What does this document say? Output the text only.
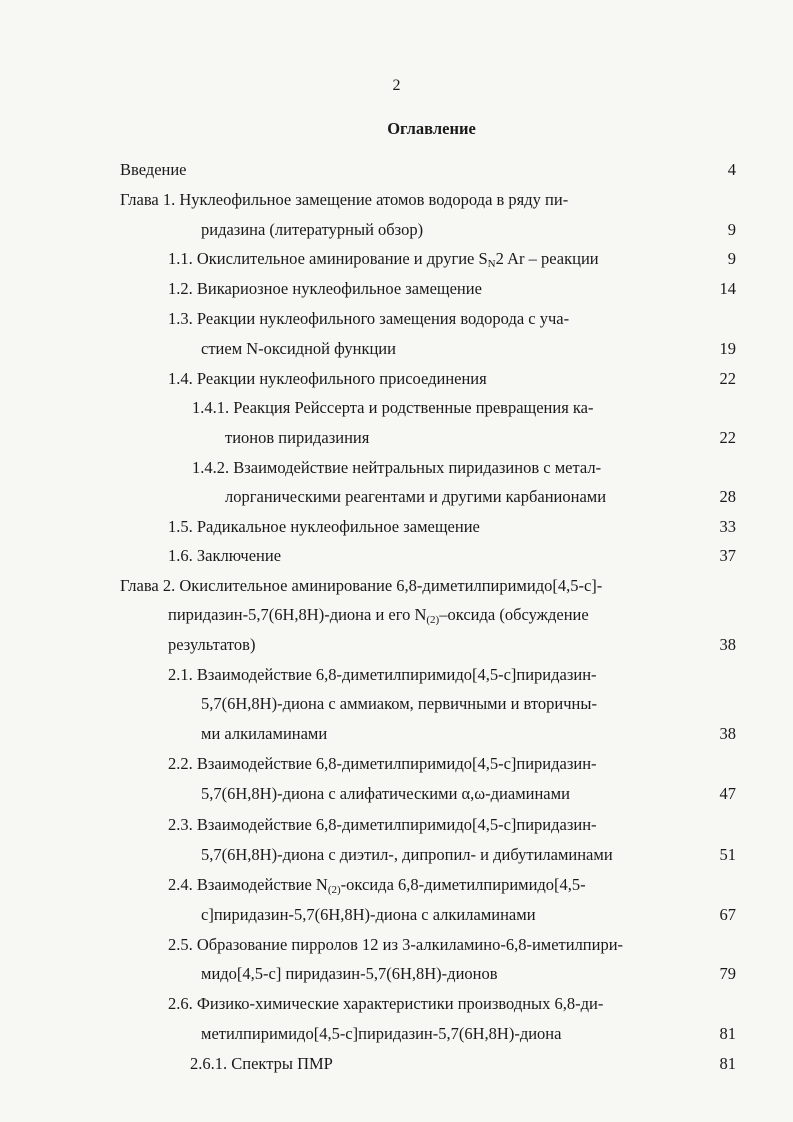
2
Оглавление
Введение	4
Глава 1. Нуклеофильное замещение атомов водорода в ряду пи-
ридазина (литературный обзор)	9
1.1. Окислительное аминирование и другие $S_N2$ Ar – реакции	9
1.2. Викариозное нуклеофильное замещение	14
1.3. Реакции нуклеофильного замещения водорода с уча-
стием N-оксидной функции	19
1.4. Реакции нуклеофильного присоединения	22
1.4.1. Реакция Рейссерта и родственные превращения ка-
тионов пиридазиния	22
1.4.2. Взаимодействие нейтральных пиридазинов с метал-
лорганическими реагентами и другими карбанионами	28
1.5. Радикальное нуклеофильное замещение	33
1.6. Заключение	37
Глава 2. Окислительное аминирование 6,8-диметилпиримидо[4,5-с]-
пиридазин-5,7(6Н,8Н)-диона и его $N_{(2)}$–оксида (обсуждение
результатов)	38
2.1. Взаимодействие 6,8-диметилпиримидо[4,5-с]пиридазин-
5,7(6Н,8Н)-диона с аммиаком, первичными и вторичны-
ми алкиламинами	38
2.2. Взаимодействие 6,8-диметилпиримидо[4,5-с]пиридазин-
5,7(6Н,8Н)-диона с алифатическими α,ω-диаминами	47
2.3. Взаимодействие 6,8-диметилпиримидо[4,5-с]пиридазин-
5,7(6Н,8Н)-диона с диэтил-, дипропил- и дибутиламинами	51
2.4. Взаимодействие $N_{(2)}$-оксида 6,8-диметилпиримидо[4,5-
с]пиридазин-5,7(6Н,8Н)-диона с алкиламинами	67
2.5. Образование пирролов 12 из 3-алкиламино-6,8-иметилпири-
мидо[4,5-с] пиридазин-5,7(6Н,8Н)-дионов	79
2.6. Физико-химические характеристики производных 6,8-ди-
метилпиримидо[4,5-с]пиридазин-5,7(6Н,8Н)-диона	81
2.6.1. Спектры ПМР	81
